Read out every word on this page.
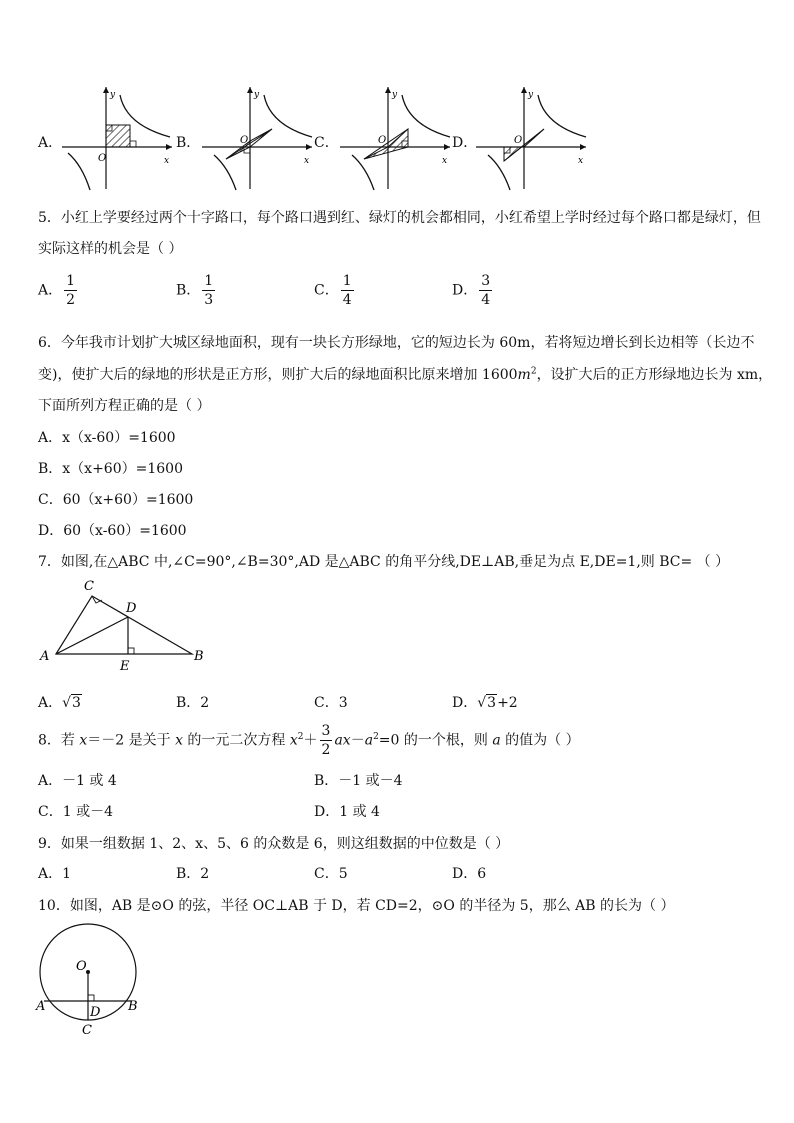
A．
O	x
y
B．	O
x
y
C．	O
x
y
D．	O
x
y
5．小红上学要经过两个十字路口，每个路口遇到红、绿灯的机会都相同，小红希望上学时经过每个路口都是绿灯，但
实际这样的机会是（ ）
A． $\frac{1}{2}$	B． $\frac{1}{3}$	C． $\frac{1}{4}$	D． $\frac{3}{4}$
6．今年我市计划扩大城区绿地面积，现有一块长方形绿地，它的短边长为 60m，若将短边增长到长边相等（长边不
变)，使扩大后的绿地的形状是正方形，则扩大后的绿地面积比原来增加 $1600m^2$，设扩大后的正方形绿地边长为 xm，
下面所列方程正确的是（ ）
A．x（x-60）=1600
B．x（x+60）=1600
C．60（x+60）=1600
D．60（x-60）=1600
7．如图,在△ABC 中,∠C=90°,∠B=30°,AD 是△ABC 的角平分线,DE⊥AB,垂足为点 E,DE=1,则 BC= （ ）
C
D
A
E
B
A．√3	B．2	C．3	D．√3+2
8．若 x＝－2 是关于 x 的一元二次方程 $x^2+ \frac{3}{2} ax-a^2=0$ 的一个根，则 a 的值为（ ）
A．－1 或 4	B．－1 或－4
C．1 或－4	D．1 或 4
9．如果一组数据 1、2、x、5、6 的众数是 6，则这组数据的中位数是（ ）
A．1	B．2	C．5	D．6
10．如图，AB 是⊙O 的弦，半径 OC⊥AB 于 D，若 CD=2，⊙O 的半径为 5，那么 AB 的长为（ ）
O
A	B
D
C
